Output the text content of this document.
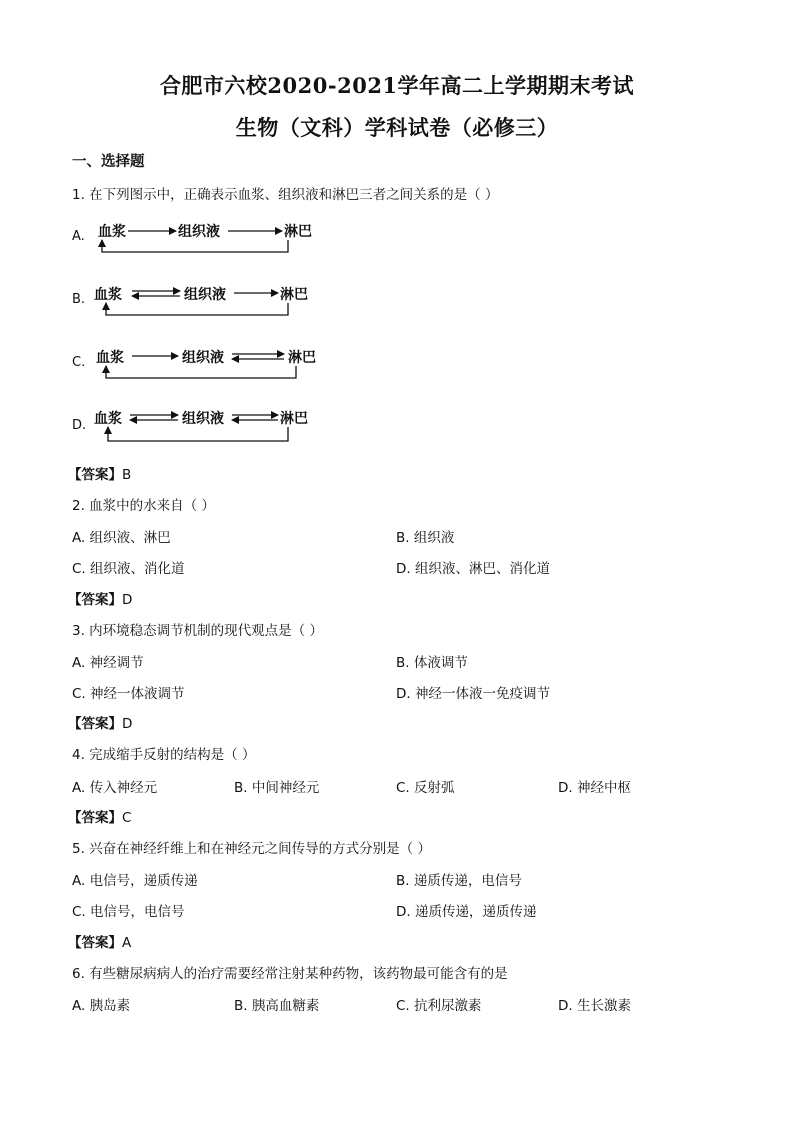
合肥市六校2020-2021学年高二上学期期末考试
生物（文科）学科试卷（必修三）
一、选择题
1. 在下列图示中，正确表示血浆、组织液和淋巴三者之间关系的是（ ）
A. 血浆	组织液	淋巴
B. 血浆	组织液	淋巴
C. 血浆	组织液	淋巴
D. 血浆	组织液	淋巴
【答案】B
2. 血浆中的水来自（ ）
A. 组织液、淋巴	B. 组织液
C. 组织液、消化道	D. 组织液、淋巴、消化道
【答案】D
3. 内环境稳态调节机制的现代观点是（ ）
A. 神经调节	B. 体液调节
C. 神经一体液调节	D. 神经一体液一免疫调节
【答案】D
4. 完成缩手反射的结构是（ ）
A. 传入神经元	B. 中间神经元	C. 反射弧	D. 神经中枢
【答案】C
5. 兴奋在神经纤维上和在神经元之间传导的方式分别是（ ）
A. 电信号，递质传递	B. 递质传递，电信号
C. 电信号，电信号	D. 递质传递，递质传递
【答案】A
6. 有些糖尿病病人的治疗需要经常注射某种药物，该药物最可能含有的是
A. 胰岛素	B. 胰高血糖素	C. 抗利尿激素	D. 生长激素
